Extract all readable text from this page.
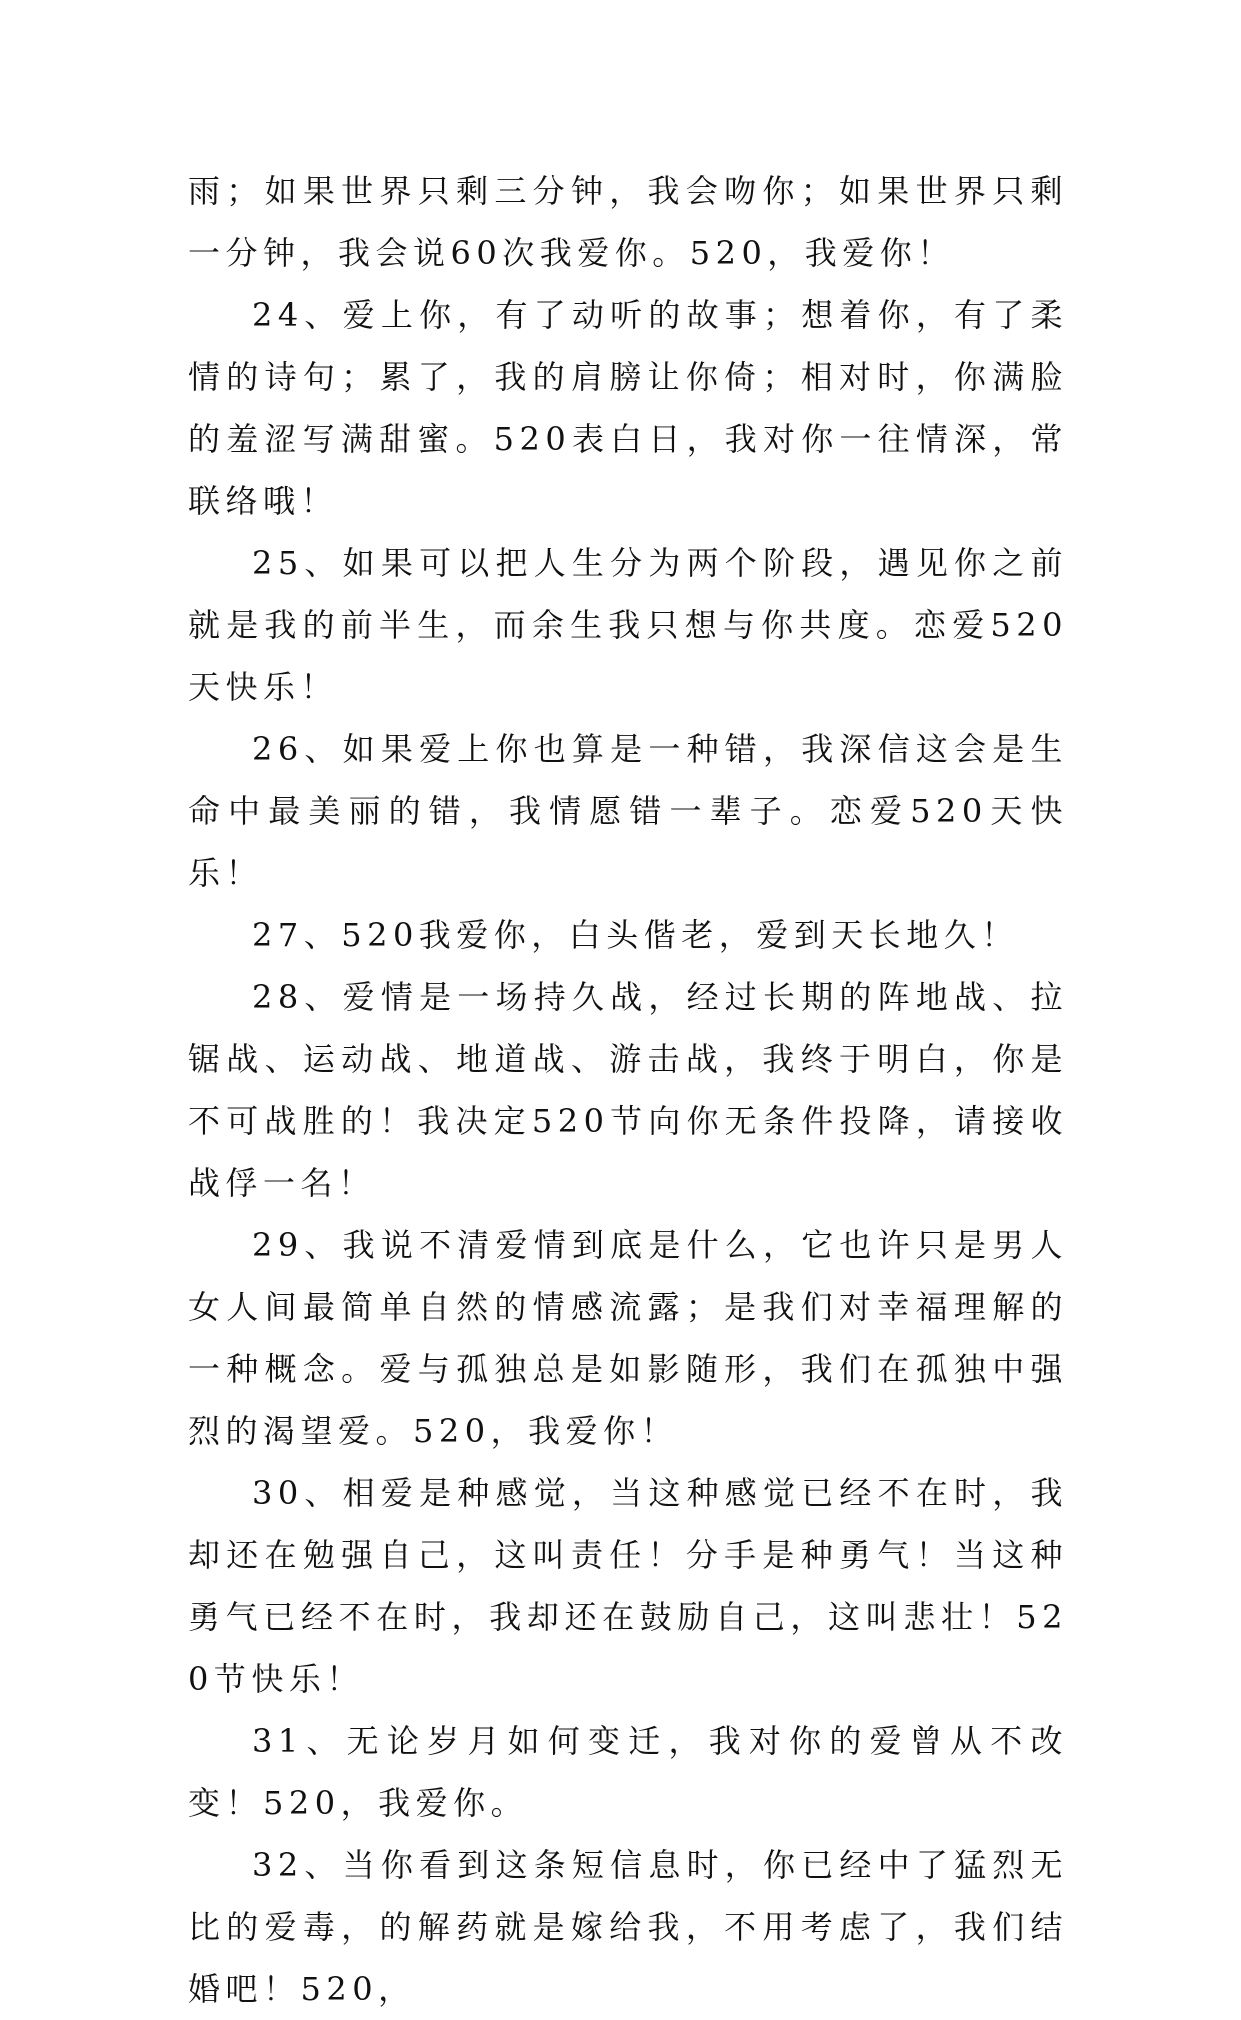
雨；如果世界只剩三分钟，我会吻你；如果世界只剩一分钟，我会说60次我爱你。520，我爱你！

24、爱上你，有了动听的故事；想着你，有了柔情的诗句；累了，我的肩膀让你倚；相对时，你满脸的羞涩写满甜蜜。520表白日，我对你一往情深，常联络哦！

25、如果可以把人生分为两个阶段，遇见你之前就是我的前半生，而余生我只想与你共度。恋爱520天快乐！

26、如果爱上你也算是一种错，我深信这会是生命中最美丽的错，我情愿错一辈子。恋爱520天快乐！

27、520我爱你，白头偕老，爱到天长地久！

28、爱情是一场持久战，经过长期的阵地战、拉锯战、运动战、地道战、游击战，我终于明白，你是不可战胜的！我决定520节向你无条件投降，请接收战俘一名！

29、我说不清爱情到底是什么，它也许只是男人女人间最简单自然的情感流露；是我们对幸福理解的一种概念。爱与孤独总是如影随形，我们在孤独中强烈的渴望爱。520，我爱你！

30、相爱是种感觉，当这种感觉已经不在时，我却还在勉强自己，这叫责任！分手是种勇气！当这种勇气已经不在时，我却还在鼓励自己，这叫悲壮！520节快乐！

31、无论岁月如何变迁，我对你的爱曾从不改变！520，我爱你。

32、当你看到这条短信息时，你已经中了猛烈无比的爱毒，的解药就是嫁给我，不用考虑了，我们结婚吧！520，
